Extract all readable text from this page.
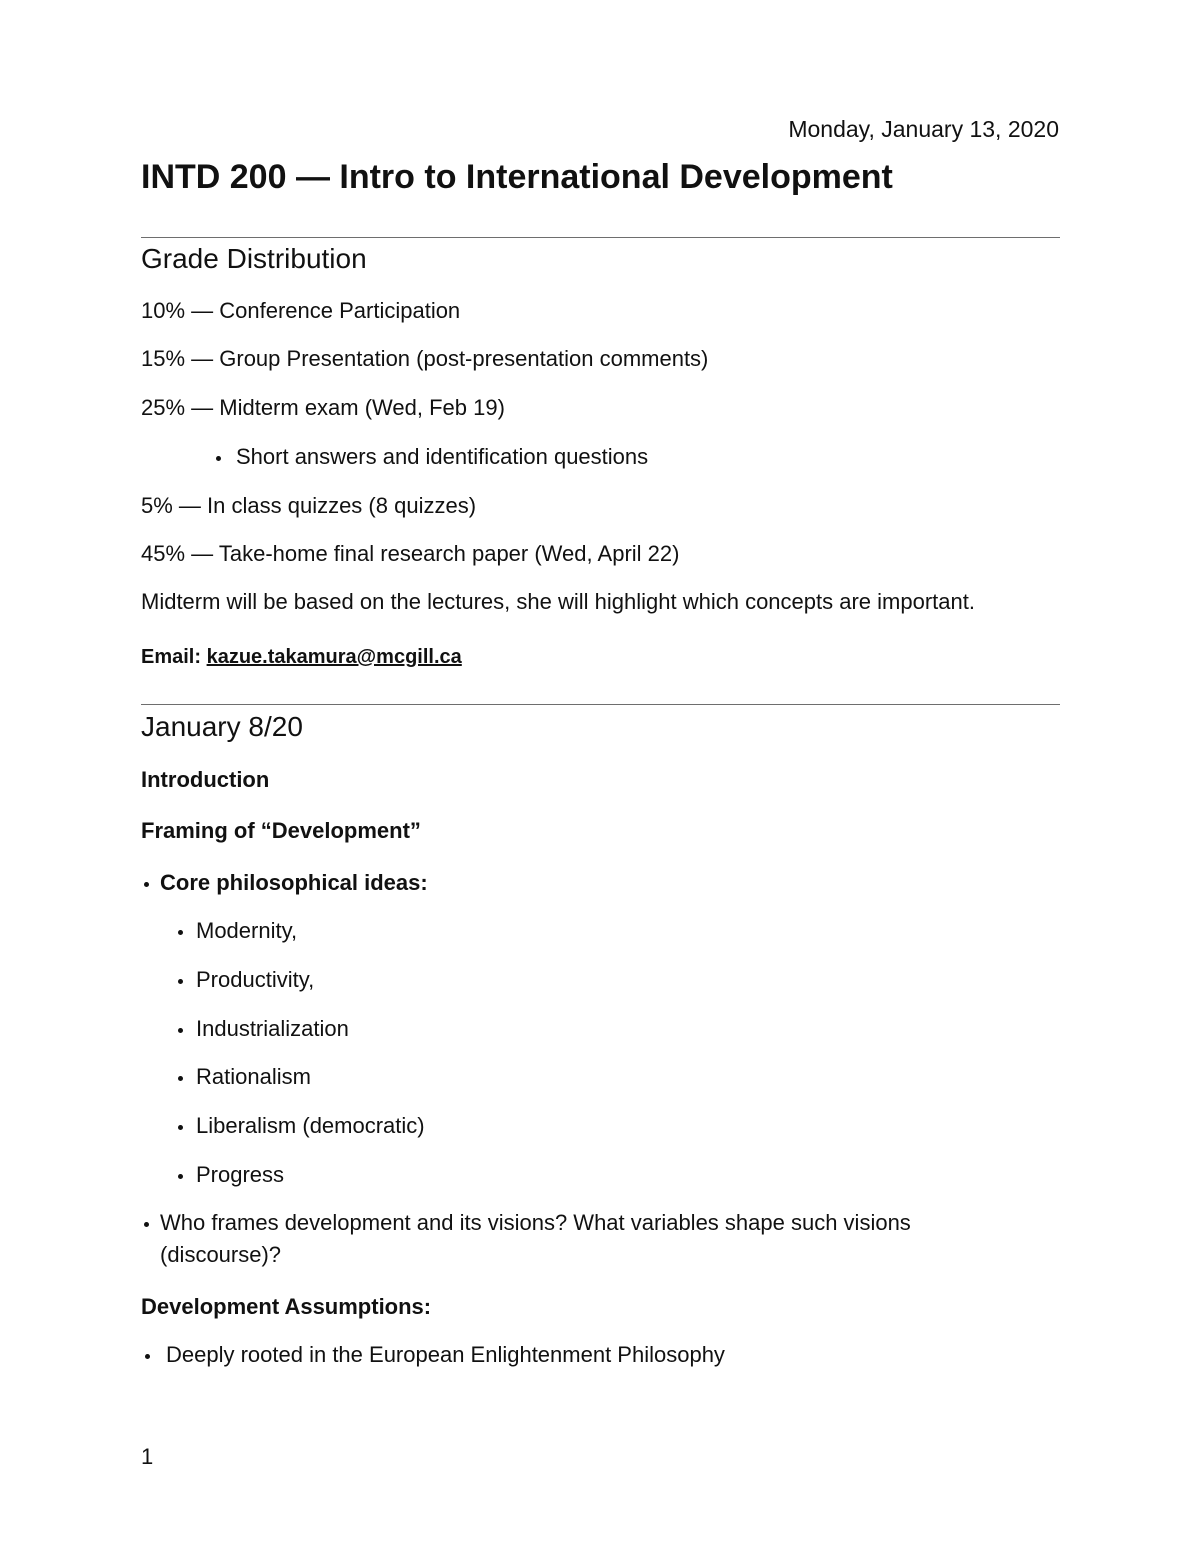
Monday, January 13, 2020
INTD 200 — Intro to International Development
Grade Distribution
10% — Conference Participation
15% — Group Presentation (post-presentation comments)
25% — Midterm exam (Wed, Feb 19)
Short answers and identification questions
5% — In class quizzes (8 quizzes)
45% — Take-home final research paper (Wed, April 22)
Midterm will be based on the lectures, she will highlight which concepts are important.
Email: kazue.takamura@mcgill.ca
January 8/20
Introduction
Framing of “Development”
Core philosophical ideas:
Modernity,
Productivity,
Industrialization
Rationalism
Liberalism (democratic)
Progress
Who frames development and its visions? What variables shape such visions
(discourse)?
Development Assumptions:
Deeply rooted in the European Enlightenment Philosophy
1
